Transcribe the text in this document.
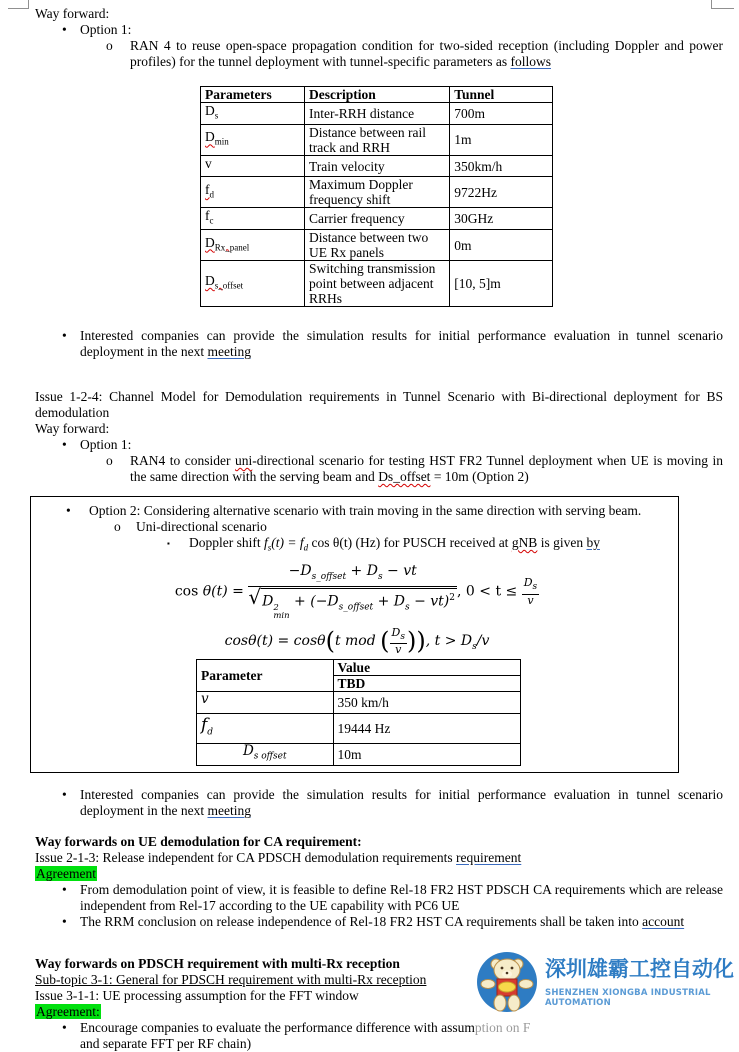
Way forward:

• Option 1:
o RAN 4 to reuse open-space propagation condition for two-sided reception (including Doppler and power profiles) for the tunnel deployment with tunnel-specific parameters as follows
Parameters	Description	Tunnel
$D_s$	Inter-RRH distance	700m
$D_{min}$	Distance between rail track and RRH	1m
v	Train velocity	350km/h
$f_d$	Maximum Doppler frequency shift	9722Hz
$f_c$	Carrier frequency	30GHz
$D_{Rx\_panel}$	Distance between two UE Rx panels	0m
$D_{s\_offset}$	Switching transmission point between adjacent RRHs	[10, 5]m
• Interested companies can provide the simulation results for initial performance evaluation in tunnel scenario deployment in the next meeting

Issue 1-2-4: Channel Model for Demodulation requirements in Tunnel Scenario with Bi-directional deployment for BS demodulation

Way forward:

• Option 1:
o RAN4 to consider uni-directional scenario for testing HST FR2 Tunnel deployment when UE is moving in the same direction with the serving beam and Ds_offset = 10m (Option 2)
• Option 2: Considering alternative scenario with train moving in the same direction with serving beam.
o Uni-directional scenario
▪ Doppler shift $f_s(t) = f_d$ cos θ(t) (Hz) for PUSCH received at gNB is given by
$\cos \theta(t) = -D_{s\_offset} + D_s$ − vt
√ D 2
min
+ $(-D_{s\_offset} + D_s - vt)^2$ , $0 < t \le \frac{D_s}{v}$
cosθ(t) = cosθ(t mod ( $\frac{D_s}{v}$ )), $t > D_s/v$
Parameter	Value
	TBD
v	350 km/h
$f_d$	19444 Hz
$D_{s offset}$	10m
• Interested companies can provide the simulation results for initial performance evaluation in tunnel scenario deployment in the next meeting

Way forwards on UE demodulation for CA requirement:

Issue 2-1-3: Release independent for CA PDSCH demodulation requirements requirement

Agreement

• From demodulation point of view, it is feasible to define Rel-18 FR2 HST PDSCH CA requirements which are release independent from Rel-17 according to the UE capability with PC6 UE
• The RRM conclusion on release independence of Rel-18 FR2 HST CA requirements shall be taken into account

Way forwards on PDSCH requirement with multi-Rx reception

Sub-topic 3-1: General for PDSCH requirement with multi-Rx reception

Issue 3-1-1: UE processing assumption for the FFT window

Agreement:

• Encourage companies to evaluate the performance difference with assumption on F
and separate FFT per RF chain)
深圳雄霸工控自动化
SHENZHEN XIONGBA INDUSTRIAL AUTOMATION
